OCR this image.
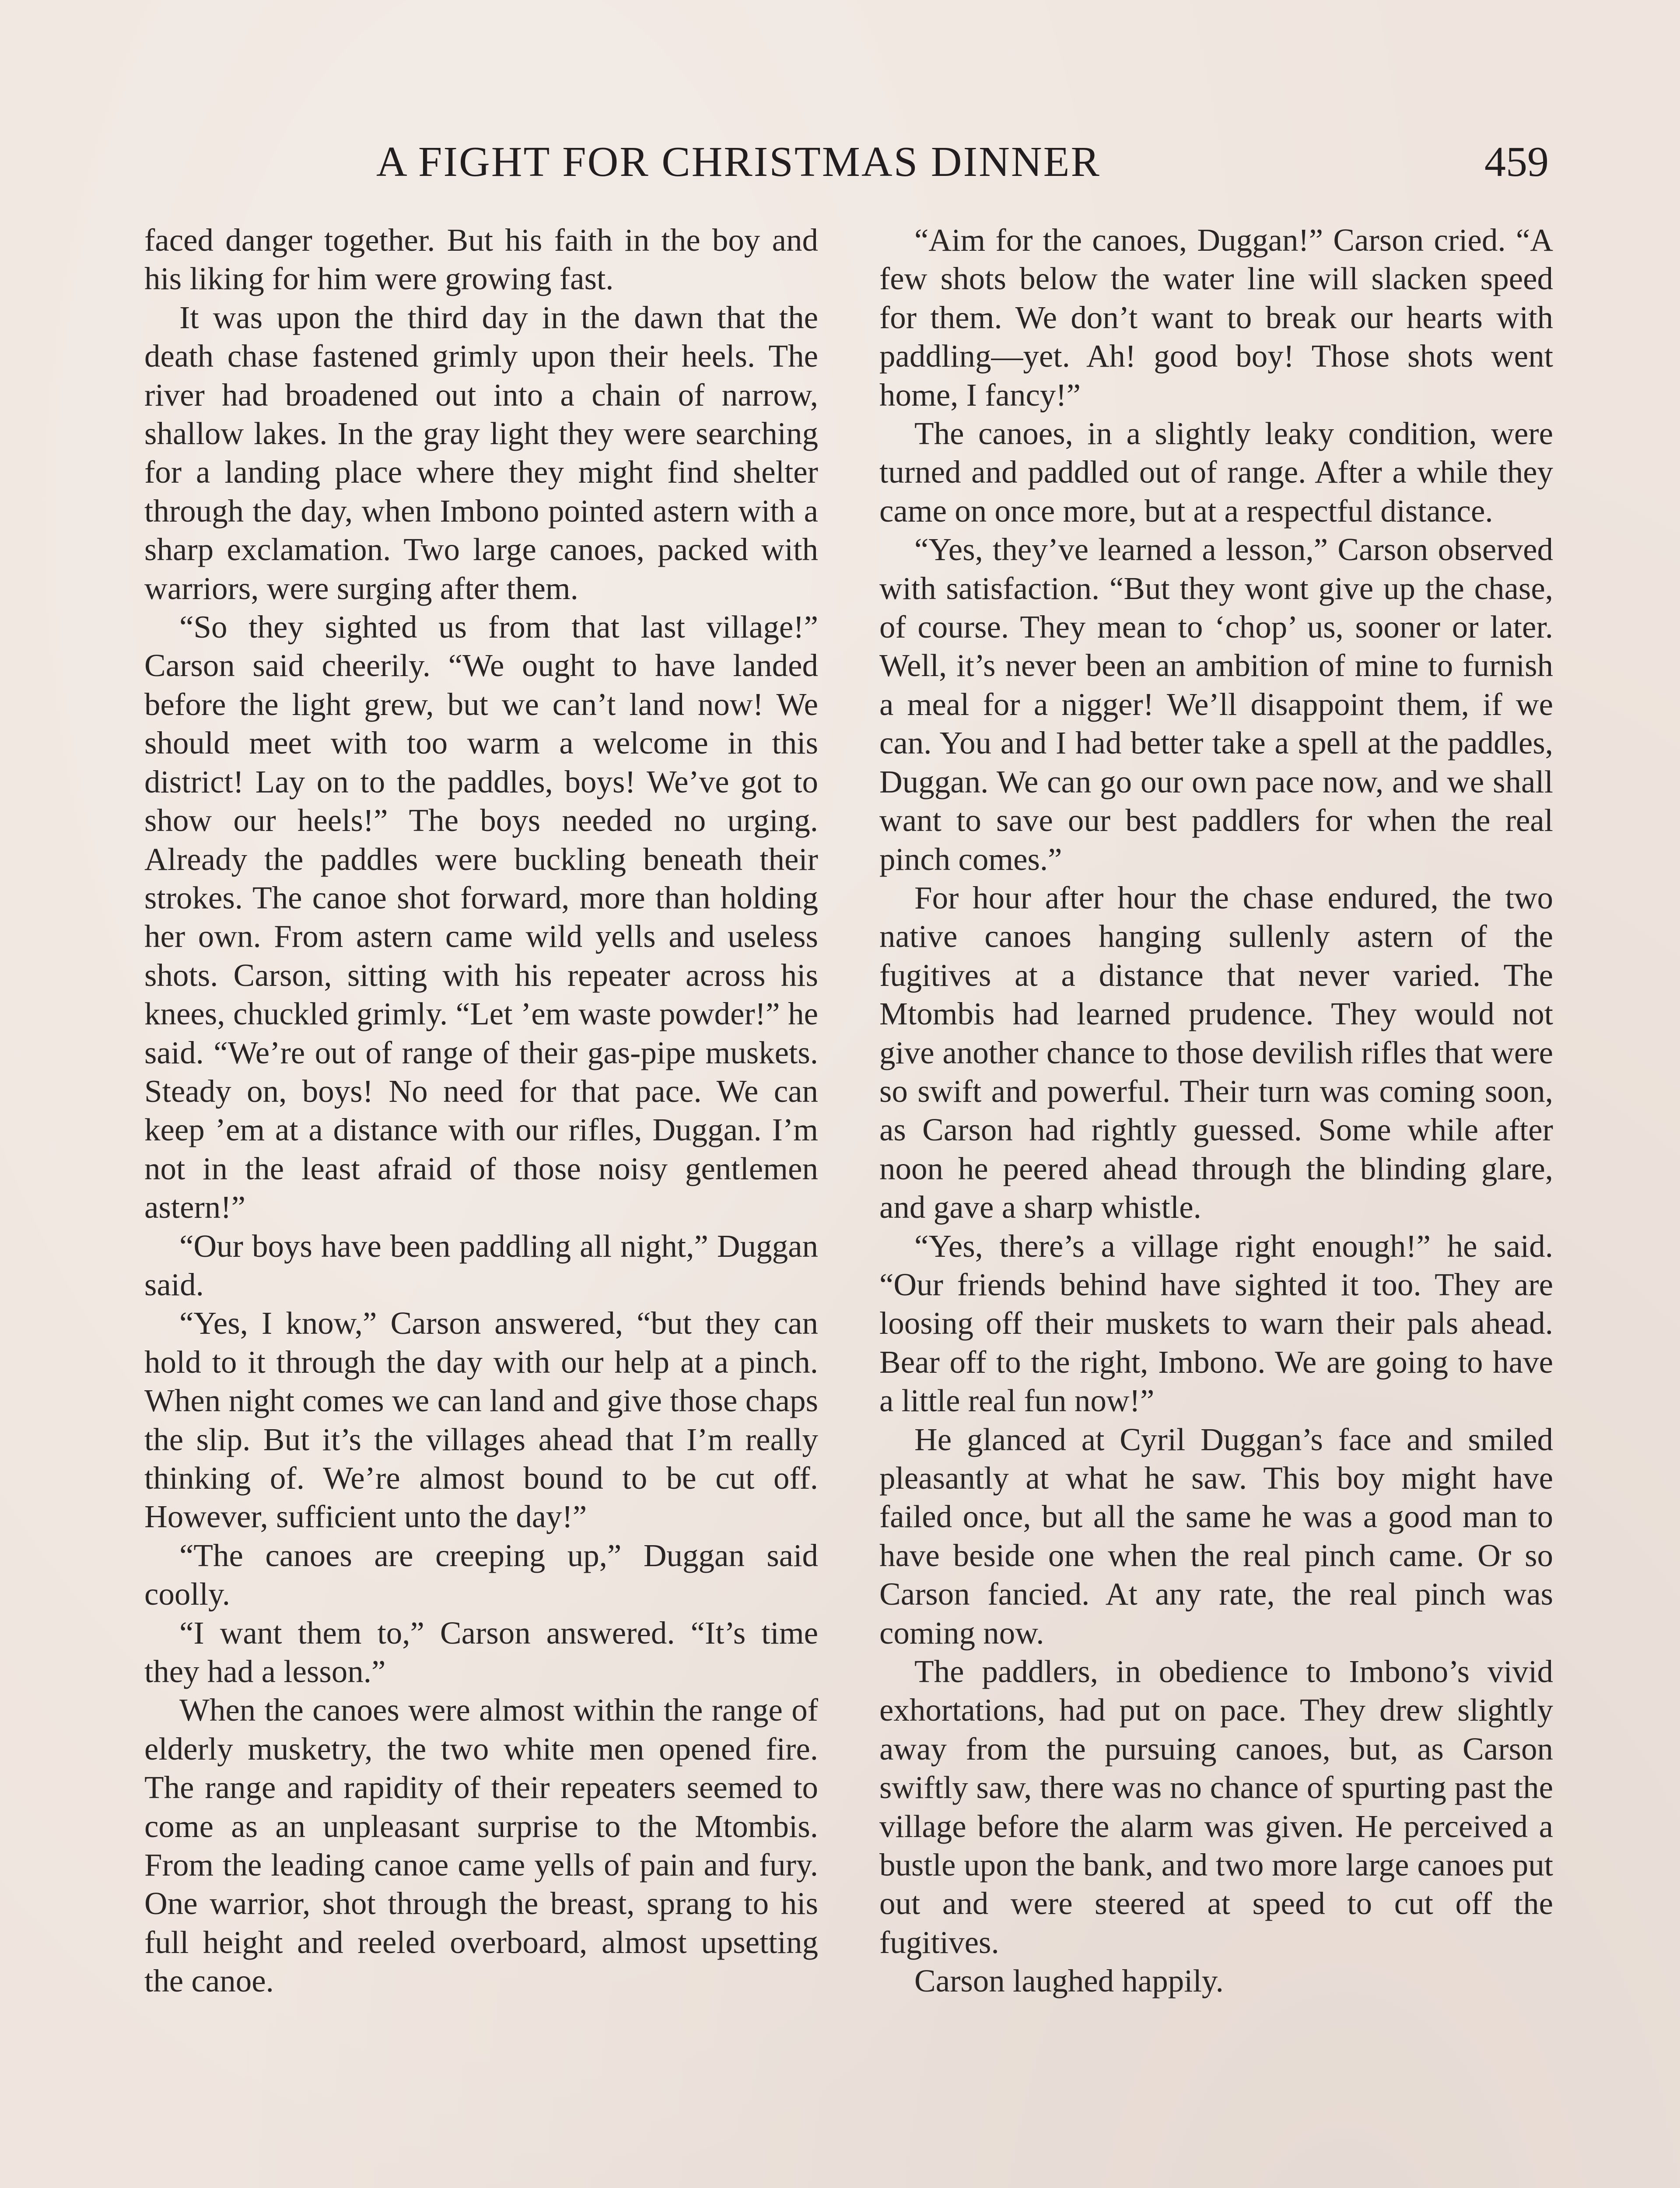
A FIGHT FOR CHRISTMAS DINNER	459

faced danger together. But his faith in the boy and his liking for him were growing fast.

It was upon the third day in the dawn that the death chase fastened grimly upon their heels. The river had broadened out into a chain of narrow, shallow lakes. In the gray light they were searching for a landing place where they might find shelter through the day, when Imbono pointed astern with a sharp exclamation. Two large canoes, packed with warriors, were surging after them.

“So they sighted us from that last village!” Carson said cheerily. “We ought to have landed before the light grew, but we can’t land now! We should meet with too warm a welcome in this district! Lay on to the paddles, boys! We’ve got to show our heels!” The boys needed no urging. Already the paddles were buckling beneath their strokes. The canoe shot forward, more than holding her own. From astern came wild yells and useless shots. Carson, sitting with his repeater across his knees, chuckled grimly. “Let ’em waste powder!” he said. “We’re out of range of their gas-pipe muskets. Steady on, boys! No need for that pace. We can keep ’em at a distance with our rifles, Duggan. I’m not in the least afraid of those noisy gentlemen astern!”

“Our boys have been paddling all night,” Duggan said.

“Yes, I know,” Carson answered, “but they can hold to it through the day with our help at a pinch. When night comes we can land and give those chaps the slip. But it’s the villages ahead that I’m really thinking of. We’re almost bound to be cut off. However, sufficient unto the day!”

“The canoes are creeping up,” Duggan said coolly.

“I want them to,” Carson answered. “It’s time they had a lesson.”

When the canoes were almost within the range of elderly musketry, the two white men opened fire. The range and rapidity of their repeaters seemed to come as an unpleasant surprise to the Mtombis. From the leading canoe came yells of pain and fury. One warrior, shot through the breast, sprang to his full height and reeled overboard, almost upsetting the canoe.

“Aim for the canoes, Duggan!” Carson cried. “A few shots below the water line will slacken speed for them. We don’t want to break our hearts with paddling—yet. Ah! good boy! Those shots went home, I fancy!”

The canoes, in a slightly leaky condition, were turned and paddled out of range. After a while they came on once more, but at a respectful distance.

“Yes, they’ve learned a lesson,” Carson observed with satisfaction. “But they wont give up the chase, of course. They mean to ‘chop’ us, sooner or later. Well, it’s never been an ambition of mine to furnish a meal for a nigger! We’ll disappoint them, if we can. You and I had better take a spell at the paddles, Duggan. We can go our own pace now, and we shall want to save our best paddlers for when the real pinch comes.”

For hour after hour the chase endured, the two native canoes hanging sullenly astern of the fugitives at a distance that never varied. The Mtombis had learned prudence. They would not give another chance to those devilish rifles that were so swift and powerful. Their turn was coming soon, as Carson had rightly guessed. Some while after noon he peered ahead through the blinding glare, and gave a sharp whistle.

“Yes, there’s a village right enough!” he said. “Our friends behind have sighted it too. They are loosing off their muskets to warn their pals ahead. Bear off to the right, Imbono. We are going to have a little real fun now!”

He glanced at Cyril Duggan’s face and smiled pleasantly at what he saw. This boy might have failed once, but all the same he was a good man to have beside one when the real pinch came. Or so Carson fancied. At any rate, the real pinch was coming now.

The paddlers, in obedience to Imbono’s vivid exhortations, had put on pace. They drew slightly away from the pursuing canoes, but, as Carson swiftly saw, there was no chance of spurting past the village before the alarm was given. He perceived a bustle upon the bank, and two more large canoes put out and were steered at speed to cut off the fugitives.

Carson laughed happily.
